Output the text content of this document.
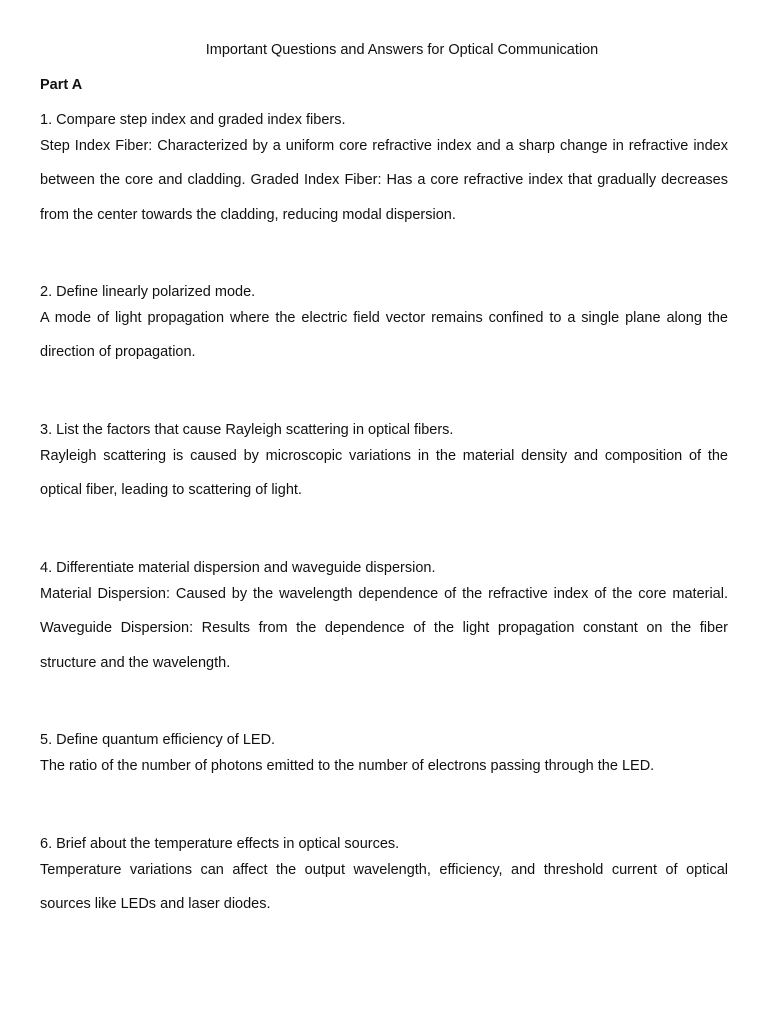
Important Questions and Answers for Optical Communication
Part A

1. Compare step index and graded index fibers.

Step Index Fiber: Characterized by a uniform core refractive index and a sharp change in refractive index between the core and cladding. Graded Index Fiber: Has a core refractive index that gradually decreases from the center towards the cladding, reducing modal dispersion.

2. Define linearly polarized mode.

A mode of light propagation where the electric field vector remains confined to a single plane along the direction of propagation.

3. List the factors that cause Rayleigh scattering in optical fibers.

Rayleigh scattering is caused by microscopic variations in the material density and composition of the optical fiber, leading to scattering of light.

4. Differentiate material dispersion and waveguide dispersion.

Material Dispersion: Caused by the wavelength dependence of the refractive index of the core material. Waveguide Dispersion: Results from the dependence of the light propagation constant on the fiber structure and the wavelength.

5. Define quantum efficiency of LED.

The ratio of the number of photons emitted to the number of electrons passing through the LED.

6. Brief about the temperature effects in optical sources.

Temperature variations can affect the output wavelength, efficiency, and threshold current of optical sources like LEDs and laser diodes.
